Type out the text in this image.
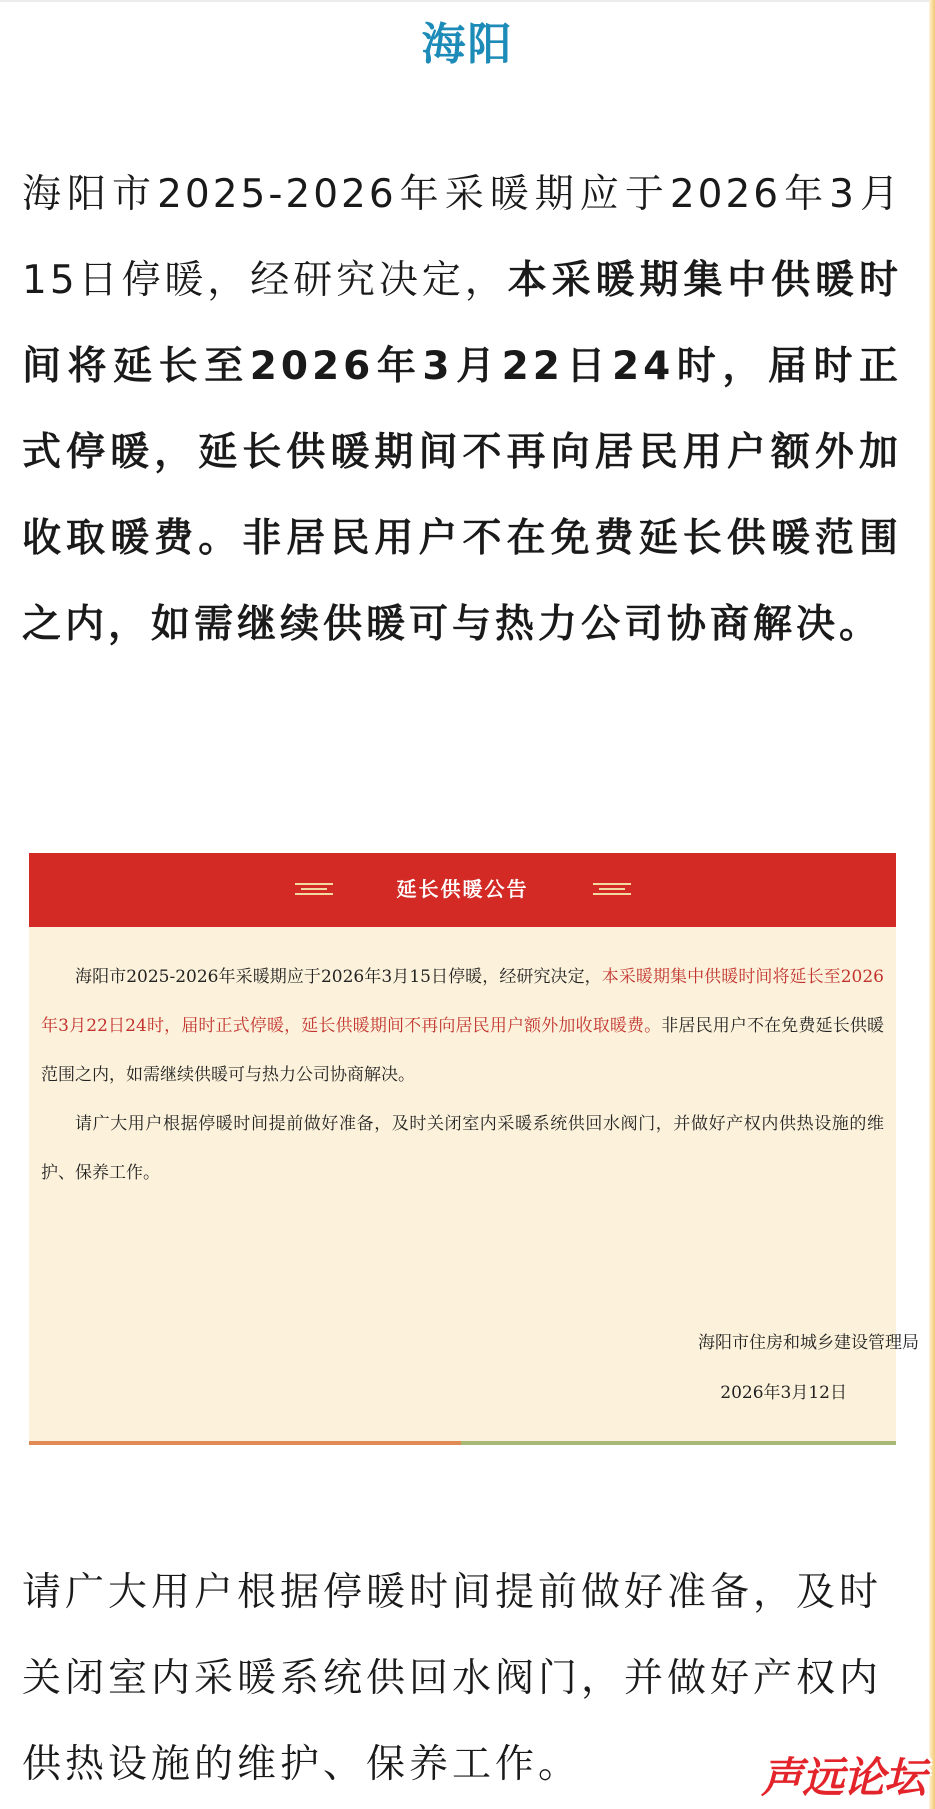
海阳

海阳市2025-2026年采暖期应于2026年3月15日停暖，经研究决定，本采暖期集中供暖时间将延长至2026年3月22日24时，届时正式停暖，延长供暖期间不再向居民用户额外加收取暖费。非居民用户不在免费延长供暖范围之内，如需继续供暖可与热力公司协商解决。

延长供暖公告

海阳市2025-2026年采暖期应于2026年3月15日停暖，经研究决定，本采暖期集中供暖时间将延长至2026年3月22日24时，届时正式停暖，延长供暖期间不再向居民用户额外加收取暖费。非居民用户不在免费延长供暖范围之内，如需继续供暖可与热力公司协商解决。

请广大用户根据停暖时间提前做好准备，及时关闭室内采暖系统供回水阀门，并做好产权内供热设施的维护、保养工作。

海阳市住房和城乡建设管理局

2026年3月12日

请广大用户根据停暖时间提前做好准备，及时关闭室内采暖系统供回水阀门，并做好产权内供热设施的维护、保养工作。	声远论坛
